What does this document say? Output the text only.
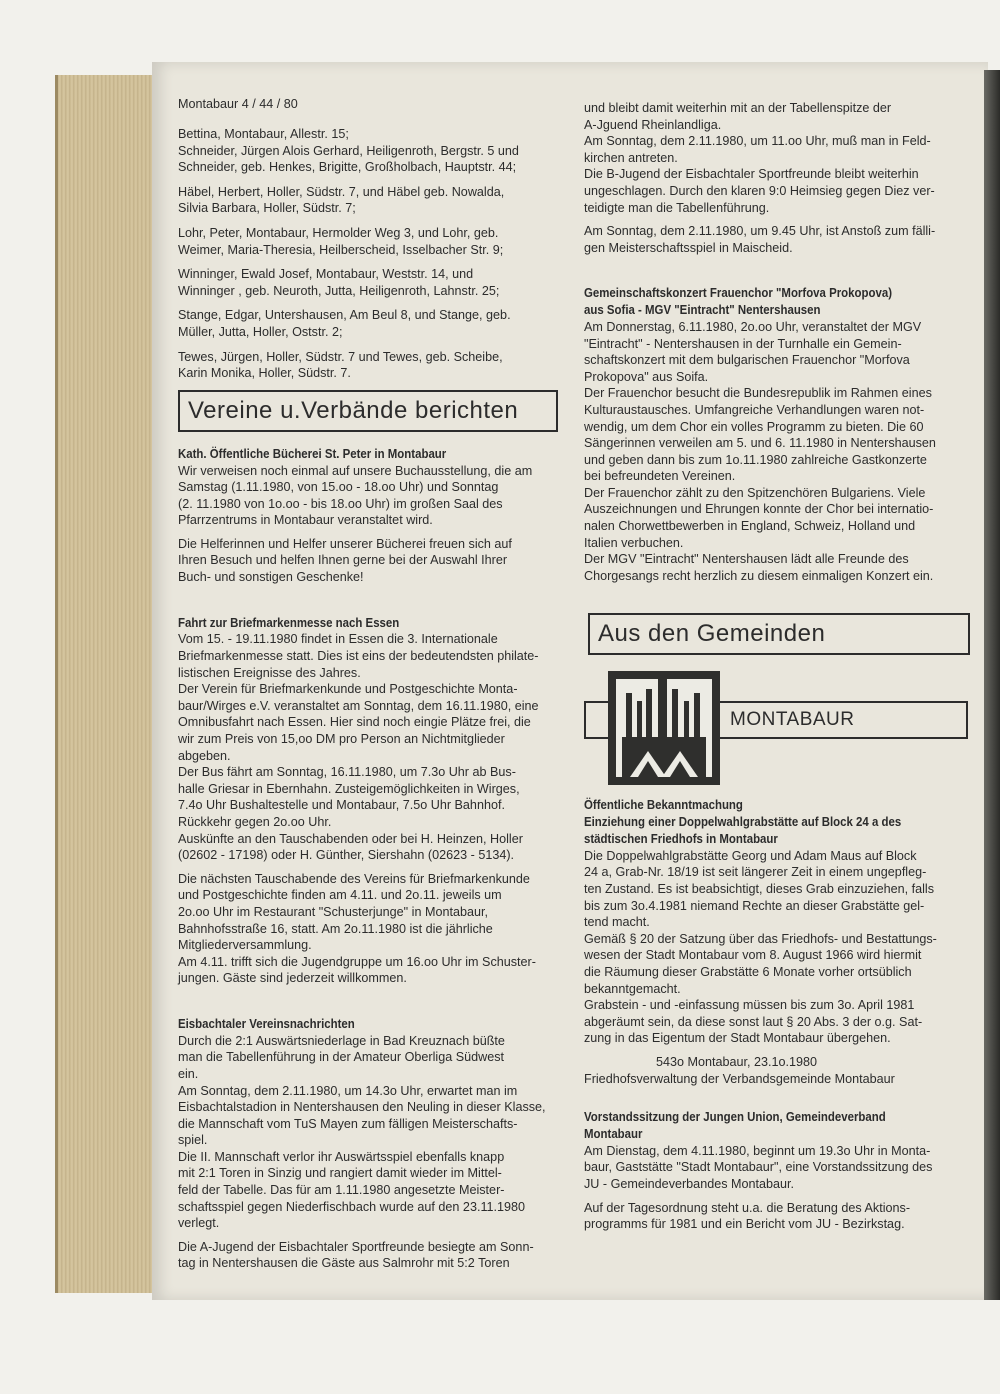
Montabaur 4 / 44 / 80
Bettina, Montabaur, Allestr. 15;
Schneider, Jürgen Alois Gerhard, Heiligenroth, Bergstr. 5 und
Schneider, geb. Henkes, Brigitte, Großholbach, Hauptstr. 44;
Häbel, Herbert, Holler, Südstr. 7, und Häbel geb. Nowalda,
Silvia Barbara, Holler, Südstr. 7;
Lohr, Peter, Montabaur, Hermolder Weg 3, und Lohr, geb.
Weimer, Maria-Theresia, Heilberscheid, Isselbacher Str. 9;
Winninger, Ewald Josef, Montabaur, Weststr. 14, und
Winninger , geb. Neuroth, Jutta, Heiligenroth, Lahnstr. 25;
Stange, Edgar, Untershausen, Am Beul 8, und Stange, geb.
Müller, Jutta, Holler, Oststr. 2;
Tewes, Jürgen, Holler, Südstr. 7 und Tewes, geb. Scheibe,
Karin Monika, Holler, Südstr. 7.
Vereine u.Verbände berichten
Kath. Öffentliche Bücherei St. Peter in Montabaur
Wir verweisen noch einmal auf unsere Buchausstellung, die am
Samstag (1.11.1980, von 15.oo - 18.oo Uhr) und Sonntag
(2. 11.1980 von 1o.oo - bis 18.oo Uhr) im großen Saal des
Pfarrzentrums in Montabaur veranstaltet wird.
Die Helferinnen und Helfer unserer Bücherei freuen sich auf
Ihren Besuch und helfen Ihnen gerne bei der Auswahl Ihrer
Buch- und sonstigen Geschenke!
Fahrt zur Briefmarkenmesse nach Essen
Vom 15. - 19.11.1980 findet in Essen die 3. Internationale
Briefmarkenmesse statt. Dies ist eins der bedeutendsten philate-
listischen Ereignisse des Jahres.
Der Verein für Briefmarkenkunde und Postgeschichte Monta-
baur/Wirges e.V. veranstaltet am Sonntag, dem 16.11.1980, eine
Omnibusfahrt nach Essen. Hier sind noch eingie Plätze frei, die
wir zum Preis von 15,oo DM pro Person an Nichtmitglieder
abgeben.
Der Bus fährt am Sonntag, 16.11.1980, um 7.3o Uhr ab Bus-
halle Griesar in Ebernhahn. Zusteigemöglichkeiten in Wirges,
7.4o Uhr Bushaltestelle und Montabaur, 7.5o Uhr Bahnhof.
Rückkehr gegen 2o.oo Uhr.
Auskünfte an den Tauschabenden oder bei H. Heinzen, Holler
(02602 - 17198) oder H. Günther, Siershahn (02623 - 5134).
Die nächsten Tauschabende des Vereins für Briefmarkenkunde
und Postgeschichte finden am 4.11. und 2o.11. jeweils um
2o.oo Uhr im Restaurant "Schusterjunge" in Montabaur,
Bahnhofsstraße 16, statt. Am 2o.11.1980 ist die jährliche
Mitgliederversammlung.
Am 4.11. trifft sich die Jugendgruppe um 16.oo Uhr im Schuster-
jungen. Gäste sind jederzeit willkommen.
Eisbachtaler Vereinsnachrichten
Durch die 2:1 Auswärtsniederlage in Bad Kreuznach büßte
man die Tabellenführung in der Amateur Oberliga Südwest
ein.
Am Sonntag, dem 2.11.1980, um 14.3o Uhr, erwartet man im
Eisbachtalstadion in Nentershausen den Neuling in dieser Klasse,
die Mannschaft vom TuS Mayen zum fälligen Meisterschafts-
spiel.
Die II. Mannschaft verlor ihr Auswärtsspiel ebenfalls knapp
mit 2:1 Toren in Sinzig und rangiert damit wieder im Mittel-
feld der Tabelle. Das für am 1.11.1980 angesetzte Meister-
schaftsspiel gegen Niederfischbach wurde auf den 23.11.1980
verlegt.
Die A-Jugend der Eisbachtaler Sportfreunde besiegte am Sonn-
tag in Nentershausen die Gäste aus Salmrohr mit 5:2 Toren
und bleibt damit weiterhin mit an der Tabellenspitze der
A-Jguend Rheinlandliga.
Am Sonntag, dem 2.11.1980, um 11.oo Uhr, muß man in Feld-
kirchen antreten.
Die B-Jugend der Eisbachtaler Sportfreunde bleibt weiterhin
ungeschlagen. Durch den klaren 9:0 Heimsieg gegen Diez ver-
teidigte man die Tabellenführung.
Am Sonntag, dem 2.11.1980, um 9.45 Uhr, ist Anstoß zum fälli-
gen Meisterschaftsspiel in Maischeid.
Gemeinschaftskonzert Frauenchor "Morfova Prokopova)
aus Sofia - MGV "Eintracht" Nentershausen
Am Donnerstag, 6.11.1980, 2o.oo Uhr, veranstaltet der MGV
"Eintracht" - Nentershausen in der Turnhalle ein Gemein-
schaftskonzert mit dem bulgarischen Frauenchor "Morfova
Prokopova" aus Soifa.
Der Frauenchor besucht die Bundesrepublik im Rahmen eines
Kulturaustausches. Umfangreiche Verhandlungen waren not-
wendig, um dem Chor ein volles Programm zu bieten. Die 60
Sängerinnen verweilen am 5. und 6. 11.1980 in Nentershausen
und geben dann bis zum 1o.11.1980 zahlreiche Gastkonzerte
bei befreundeten Vereinen.
Der Frauenchor zählt zu den Spitzenchören Bulgariens. Viele
Auszeichnungen und Ehrungen konnte der Chor bei internatio-
nalen Chorwettbewerben in England, Schweiz, Holland und
Italien verbuchen.
Der MGV "Eintracht" Nentershausen lädt alle Freunde des
Chorgesangs recht herzlich zu diesem einmaligen Konzert ein.
Aus den Gemeinden
MONTABAUR
Öffentliche Bekanntmachung
Einziehung einer Doppelwahlgrabstätte auf Block 24 a des
städtischen Friedhofs in Montabaur
Die Doppelwahlgrabstätte Georg und Adam Maus auf Block
24 a, Grab-Nr. 18/19 ist seit längerer Zeit in einem ungepfleg-
ten Zustand. Es ist beabsichtigt, dieses Grab einzuziehen, falls
bis zum 3o.4.1981 niemand Rechte an dieser Grabstätte gel-
tend macht.
Gemäß § 20 der Satzung über das Friedhofs- und Bestattungs-
wesen der Stadt Montabaur vom 8. August 1966 wird hiermit
die Räumung dieser Grabstätte 6 Monate vorher ortsüblich
bekanntgemacht.
Grabstein - und -einfassung müssen bis zum 3o. April 1981
abgeräumt sein, da diese sonst laut § 20 Abs. 3 der o.g. Sat-
zung in das Eigentum der Stadt Montabaur übergehen.
543o Montabaur, 23.1o.1980
Friedhofsverwaltung der Verbandsgemeinde Montabaur
Vorstandssitzung der Jungen Union, Gemeindeverband
Montabaur
Am Dienstag, dem 4.11.1980, beginnt um 19.3o Uhr in Monta-
baur, Gaststätte "Stadt Montabaur", eine Vorstandssitzung des
JU - Gemeindeverbandes Montabaur.
Auf der Tagesordnung steht u.a. die Beratung des Aktions-
programms für 1981 und ein Bericht vom JU - Bezirkstag.
